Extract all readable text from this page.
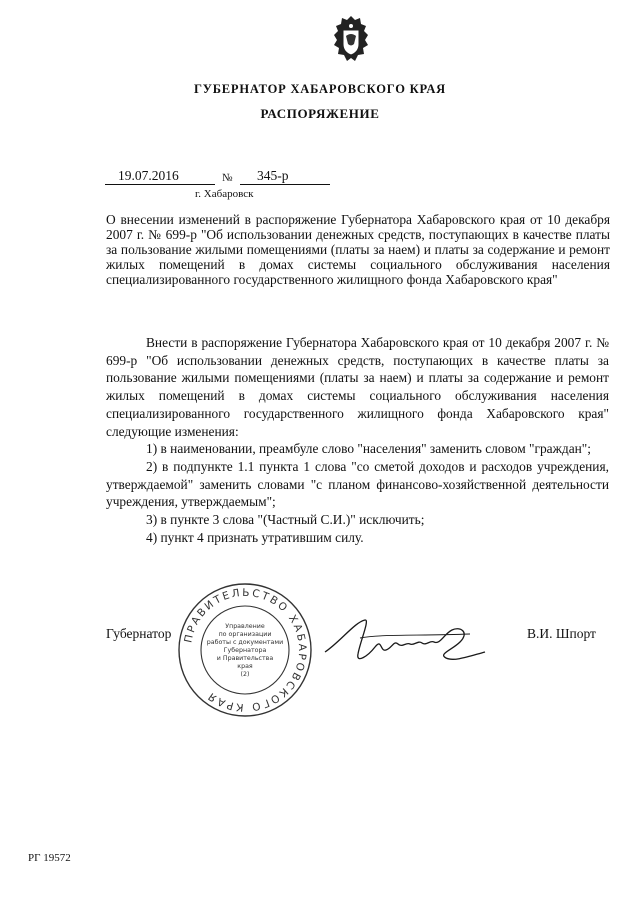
ГУБЕРНАТОР ХАБАРОВСКОГО КРАЯ
РАСПОРЯЖЕНИЕ
19.07.2016	№ 345-р
г. Хабаровск
О внесении изменений в распоряжение Губернатора Хабаровского края от 10 декабря 2007 г. № 699-р "Об использовании денежных средств, поступающих в качестве платы за пользование жилыми помещениями (платы за наем) и платы за содержание и ремонт жилых помещений в домах системы социального обслуживания населения специализированного государственного жилищного фонда Хабаровского края"

Внести в распоряжение Губернатора Хабаровского края от 10 декабря 2007 г. № 699-р "Об использовании денежных средств, поступающих в качестве платы за пользование жилыми помещениями (платы за наем) и платы за содержание и ремонт жилых помещений в домах системы социального обслуживания населения специализированного государственного жилищного фонда Хабаровского края" следующие изменения:

1) в наименовании, преамбуле слово "населения" заменить словом "граждан";

2) в подпункте 1.1 пункта 1 слова "со сметой доходов и расходов учреждения, утверждаемой" заменить словами "с планом финансово-хозяйственной деятельности учреждения, утверждаемым";

3) в пункте 3 слова "(Частный С.И.)" исключить;

4) пункт 4 признать утратившим силу.

ПРАВИТЕЛЬСТВО ХАБАРОВСКОГО КРАЯ
Управление
по организации
работы с документами
Губернатора
и Правительства
края
(2)
Губернатор	В.И. Шпорт
РГ 19572
